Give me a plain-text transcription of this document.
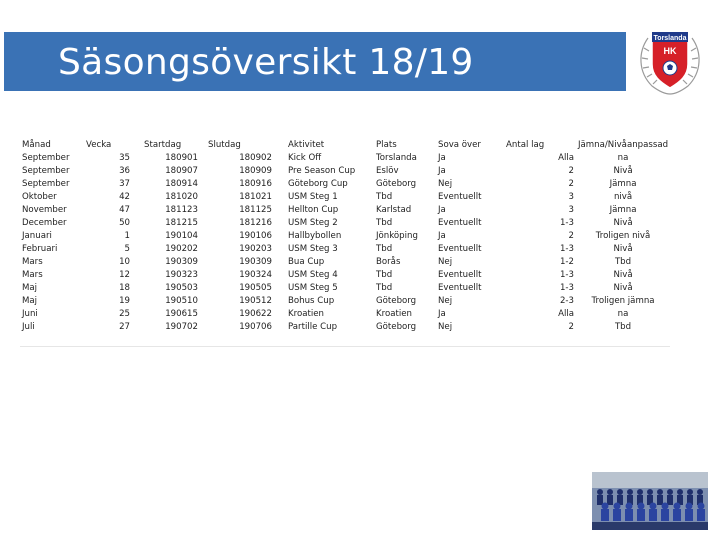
Säsongsöversikt 18/19
Torslanda
HK
Månad	Vecka	Startdag	Slutdag	Aktivitet	Plats	Sova över	Antal lag	Jämna/Nivåanpassad
September	35	180901	180902	Kick Off	Torslanda	Ja	Alla	na
September	36	180907	180909	Pre Season Cup	Eslöv	Ja	2	Nivå
September	37	180914	180916	Göteborg Cup	Göteborg	Nej	2	Jämna
Oktober	42	181020	181021	USM Steg 1	Tbd	Eventuellt	3	nivå
November	47	181123	181125	Hellton Cup	Karlstad	Ja	3	Jämna
December	50	181215	181216	USM Steg 2	Tbd	Eventuellt	1-3	Nivå
Januari	1	190104	190106	Hallbybollen	Jönköping	Ja	2	Troligen nivå
Februari	5	190202	190203	USM Steg 3	Tbd	Eventuellt	1-3	Nivå
Mars	10	190309	190309	Bua Cup	Borås	Nej	1-2	Tbd
Mars	12	190323	190324	USM Steg 4	Tbd	Eventuellt	1-3	Nivå
Maj	18	190503	190505	USM Steg 5	Tbd	Eventuellt	1-3	Nivå
Maj	19	190510	190512	Bohus Cup	Göteborg	Nej	2-3	Troligen jämna
Juni	25	190615	190622	Kroatien	Kroatien	Ja	Alla	na
Juli	27	190702	190706	Partille Cup	Göteborg	Nej	2	Tbd
